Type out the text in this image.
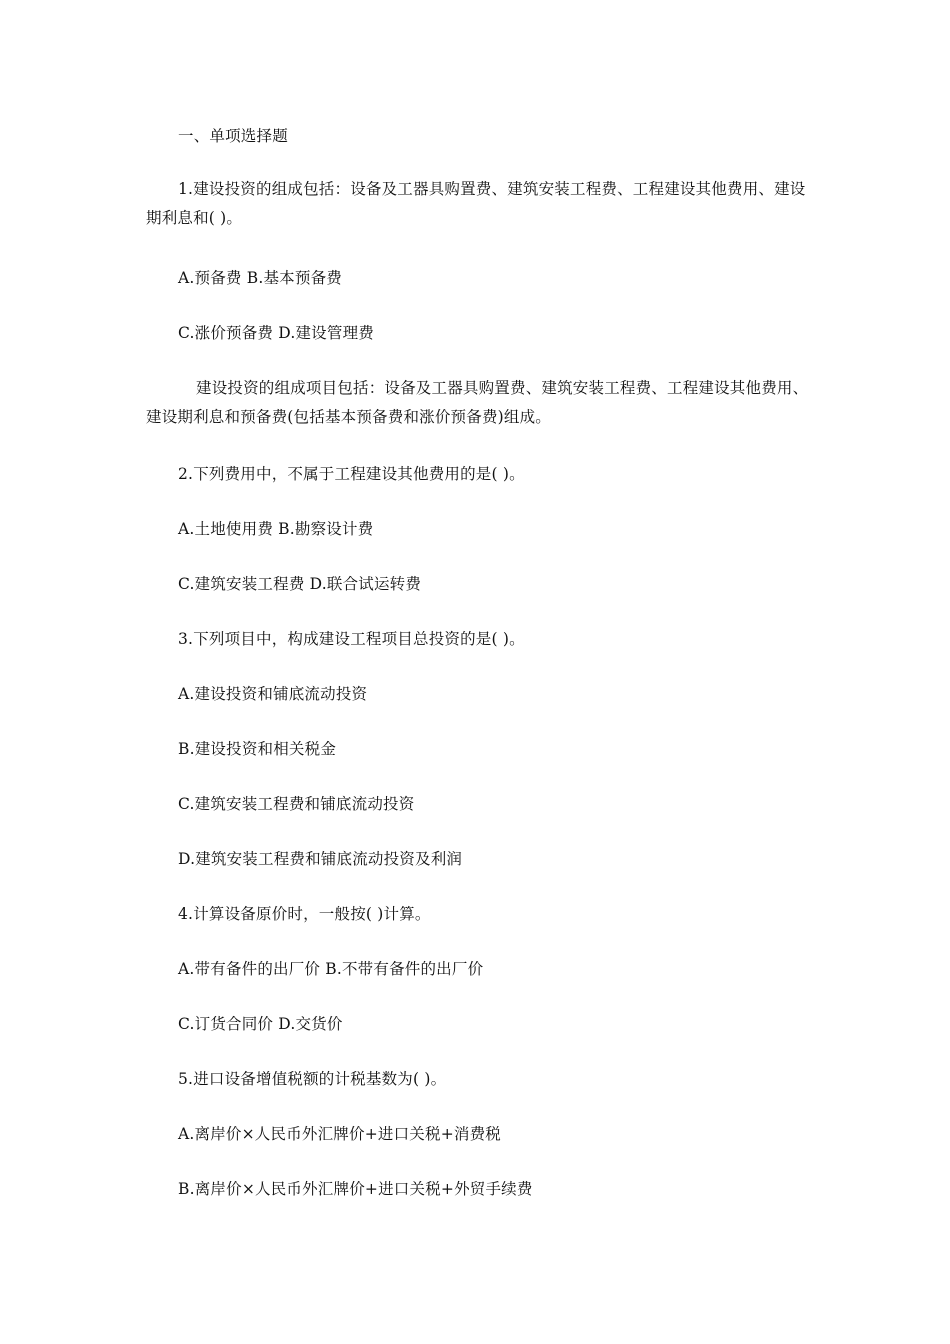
一、单项选择题
1.建设投资的组成包括：设备及工器具购置费、建筑安装工程费、工程建设其他费用、建设期利息和( )。
A.预备费 B.基本预备费
C.涨价预备费 D.建设管理费
建设投资的组成项目包括：设备及工器具购置费、建筑安装工程费、工程建设其他费用、建设期利息和预备费(包括基本预备费和涨价预备费)组成。
2.下列费用中，不属于工程建设其他费用的是( )。
A.土地使用费 B.勘察设计费
C.建筑安装工程费 D.联合试运转费
3.下列项目中，构成建设工程项目总投资的是( )。
A.建设投资和铺底流动投资
B.建设投资和相关税金
C.建筑安装工程费和铺底流动投资
D.建筑安装工程费和铺底流动投资及利润
4.计算设备原价时，一般按( )计算。
A.带有备件的出厂价 B.不带有备件的出厂价
C.订货合同价 D.交货价
5.进口设备增值税额的计税基数为( )。
A.离岸价×人民币外汇牌价+进口关税+消费税
B.离岸价×人民币外汇牌价+进口关税+外贸手续费
